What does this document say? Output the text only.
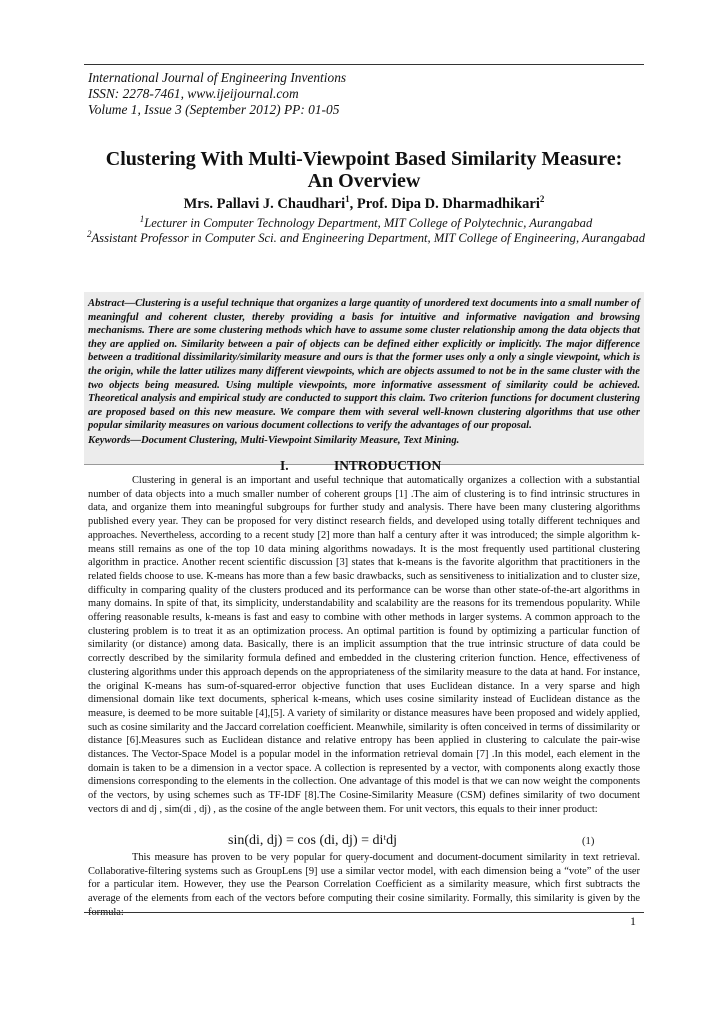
International Journal of Engineering Inventions
ISSN: 2278-7461, www.ijeijournal.com
Volume 1, Issue 3 (September 2012) PP: 01-05
Clustering With Multi-Viewpoint Based Similarity Measure:
An Overview
Mrs. Pallavi J. Chaudhari$^1$, Prof. Dipa D. Dharmadhikari$^2$
$^1$Lecturer in Computer Technology Department, MIT College of Polytechnic, Aurangabad
$^2$Assistant Professor in Computer Sci. and Engineering Department, MIT College of Engineering, Aurangabad
Abstract—Clustering is a useful technique that organizes a large quantity of unordered text documents into a small number of meaningful and coherent cluster, thereby providing a basis for intuitive and informative navigation and browsing mechanisms. There are some clustering methods which have to assume some cluster relationship among the data objects that they are applied on. Similarity between a pair of objects can be defined either explicitly or implicitly. The major difference between a traditional dissimilarity/similarity measure and ours is that the former uses only a only a single viewpoint, which is the origin, while the latter utilizes many different viewpoints, which are objects assumed to not be in the same cluster with the two objects being measured. Using multiple viewpoints, more informative assessment of similarity could be achieved. Theoretical analysis and empirical study are conducted to support this claim. Two criterion functions for document clustering are proposed based on this new measure. We compare them with several well-known clustering algorithms that use other popular similarity measures on various document collections to verify the advantages of our proposal.
Keywords—Document Clustering, Multi-Viewpoint Similarity Measure, Text Mining.
I.	INTRODUCTION

Clustering in general is an important and useful technique that automatically organizes a collection with a substantial number of data objects into a much smaller number of coherent groups [1] .The aim of clustering is to find intrinsic structures in data, and organize them into meaningful subgroups for further study and analysis. There have been many clustering algorithms published every year. They can be proposed for very distinct research fields, and developed using totally different techniques and approaches. Nevertheless, according to a recent study [2] more than half a century after it was introduced; the simple algorithm k-means still remains as one of the top 10 data mining algorithms nowadays. It is the most frequently used partitional clustering algorithm in practice. Another recent scientific discussion [3] states that k-means is the favorite algorithm that practitioners in the related fields choose to use. K-means has more than a few basic drawbacks, such as sensitiveness to initialization and to cluster size, difficulty in comparing quality of the clusters produced and its performance can be worse than other state-of-the-art algorithms in many domains. In spite of that, its simplicity, understandability and scalability are the reasons for its tremendous popularity. While offering reasonable results, k-means is fast and easy to combine with other methods in larger systems. A common approach to the clustering problem is to treat it as an optimization process. An optimal partition is found by optimizing a particular function of similarity (or distance) among data. Basically, there is an implicit assumption that the true intrinsic structure of data could be correctly described by the similarity formula defined and embedded in the clustering criterion function. Hence, effectiveness of clustering algorithms under this approach depends on the appropriateness of the similarity measure to the data at hand. For instance, the original K-means has sum-of-squared-error objective function that uses Euclidean distance. In a very sparse and high dimensional domain like text documents, spherical k-means, which uses cosine similarity instead of Euclidean distance as the measure, is deemed to be more suitable [4],[5]. A variety of similarity or distance measures have been proposed and widely applied, such as cosine similarity and the Jaccard correlation coefficient. Meanwhile, similarity is often conceived in terms of dissimilarity or distance [6].Measures such as Euclidean distance and relative entropy has been applied in clustering to calculate the pair-wise distances. The Vector-Space Model is a popular model in the information retrieval domain [7] .In this model, each element in the domain is taken to be a dimension in a vector space. A collection is represented by a vector, with components along exactly those dimensions corresponding to the elements in the collection. One advantage of this model is that we can now weight the components of the vectors, by using schemes such as TF-IDF [8].The Cosine-Similarity Measure (CSM) defines similarity of two document vectors di and dj , sim(di , dj) , as the cosine of the angle between them. For unit vectors, this equals to their inner product:

sin(di, dj) = cos (di, dj) = diᵗdj	(1)

This measure has proven to be very popular for query-document and document-document similarity in text retrieval. Collaborative-filtering systems such as GroupLens [9] use a similar vector model, with each dimension being a “vote” of the user for a particular item. However, they use the Pearson Correlation Coefficient as a similarity measure, which first subtracts the average of the elements from each of the vectors before computing their cosine similarity. Formally, this similarity is given by the formula:

1
